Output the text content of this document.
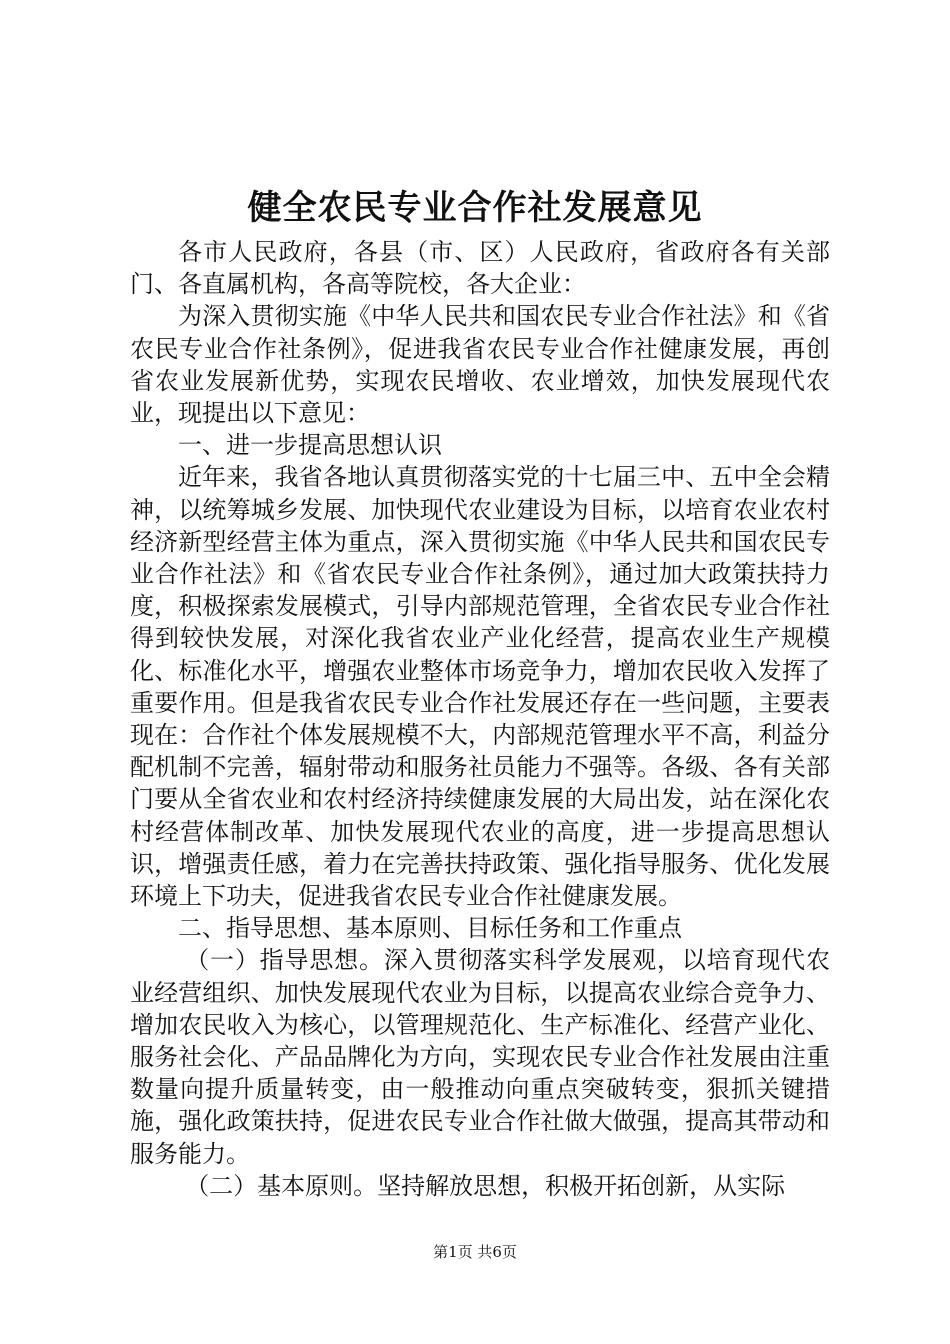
健全农民专业合作社发展意见

各市人民政府，各县（市、区）人民政府，省政府各有关部门、各直属机构，各高等院校，各大企业：

为深入贯彻实施《中华人民共和国农民专业合作社法》和《省农民专业合作社条例》，促进我省农民专业合作社健康发展，再创省农业发展新优势，实现农民增收、农业增效，加快发展现代农业，现提出以下意见：

一、进一步提高思想认识

近年来，我省各地认真贯彻落实党的十七届三中、五中全会精神，以统筹城乡发展、加快现代农业建设为目标，以培育农业农村经济新型经营主体为重点，深入贯彻实施《中华人民共和国农民专业合作社法》和《省农民专业合作社条例》，通过加大政策扶持力度，积极探索发展模式，引导内部规范管理，全省农民专业合作社得到较快发展，对深化我省农业产业化经营，提高农业生产规模化、标准化水平，增强农业整体市场竞争力，增加农民收入发挥了重要作用。但是我省农民专业合作社发展还存在一些问题，主要表现在：合作社个体发展规模不大，内部规范管理水平不高，利益分配机制不完善，辐射带动和服务社员能力不强等。各级、各有关部门要从全省农业和农村经济持续健康发展的大局出发，站在深化农村经营体制改革、加快发展现代农业的高度，进一步提高思想认识，增强责任感，着力在完善扶持政策、强化指导服务、优化发展环境上下功夫，促进我省农民专业合作社健康发展。

二、指导思想、基本原则、目标任务和工作重点

（一）指导思想。深入贯彻落实科学发展观，以培育现代农业经营组织、加快发展现代农业为目标，以提高农业综合竞争力、增加农民收入为核心，以管理规范化、生产标准化、经营产业化、服务社会化、产品品牌化为方向，实现农民专业合作社发展由注重数量向提升质量转变，由一般推动向重点突破转变，狠抓关键措施，强化政策扶持，促进农民专业合作社做大做强，提高其带动和服务能力。

（二）基本原则。坚持解放思想，积极开拓创新，从实际

第1页 共6页
